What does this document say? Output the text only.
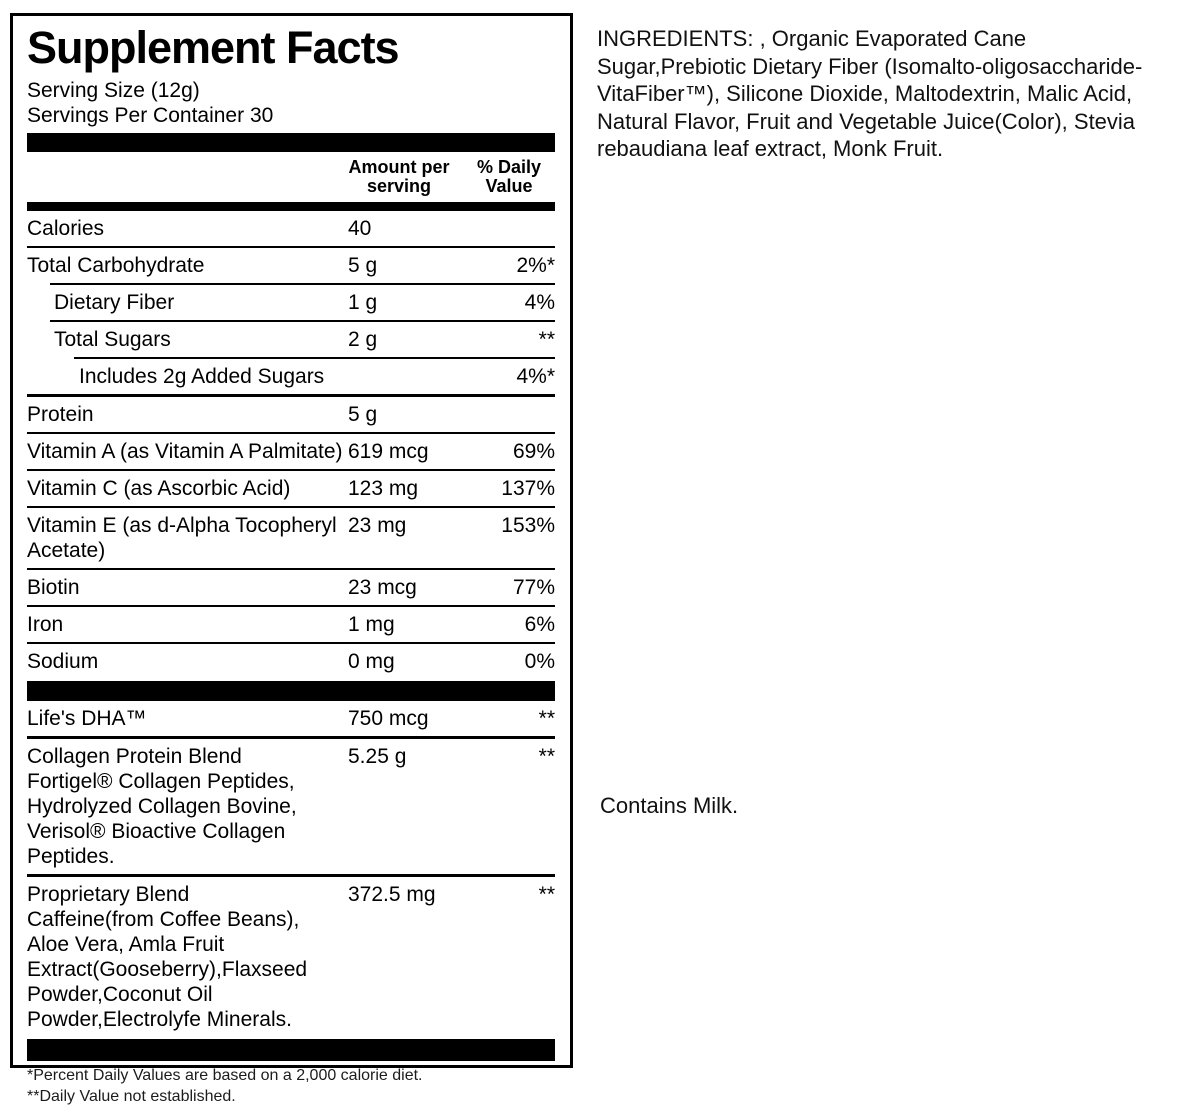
Supplement Facts
Serving Size (12g)
Servings Per Container 30
Amount per serving
% Daily Value
Calories	40
Total Carbohydrate	5 g	2%*
Dietary Fiber	1 g	4%
Total Sugars	2 g	**
Includes 2g Added Sugars	4%*
Protein	5 g
Vitamin A (as Vitamin A Palmitate) 619 mcg	69%
Vitamin C (as Ascorbic Acid)	123 mg	137%
Vitamin E (as d-Alpha Tocopheryl Acetate)
23 mg	153%
Biotin	23 mcg	77%
Iron	1 mg	6%
Sodium	0 mg	0%
Life's DHA™	750 mcg	**
Collagen Protein Blend
Fortigel® Collagen Peptides, Hydrolyzed Collagen Bovine, Verisol® Bioactive Collagen Peptides.
5.25 g	**
Proprietary Blend
Caffeine(from Coffee Beans), Aloe Vera, Amla Fruit Extract(Gooseberry),Flaxseed Powder,Coconut Oil Powder,Electrolyfe Minerals.
372.5 mg	**
*Percent Daily Values are based on a 2,000 calorie diet.
**Daily Value not established.
INGREDIENTS: , Organic Evaporated Cane Sugar,Prebiotic Dietary Fiber (Isomalto-oligosaccharide-VitaFiber™), Silicone Dioxide, Maltodextrin, Malic Acid, Natural Flavor, Fruit and Vegetable Juice(Color), Stevia rebaudiana leaf extract, Monk Fruit.
Contains Milk.
